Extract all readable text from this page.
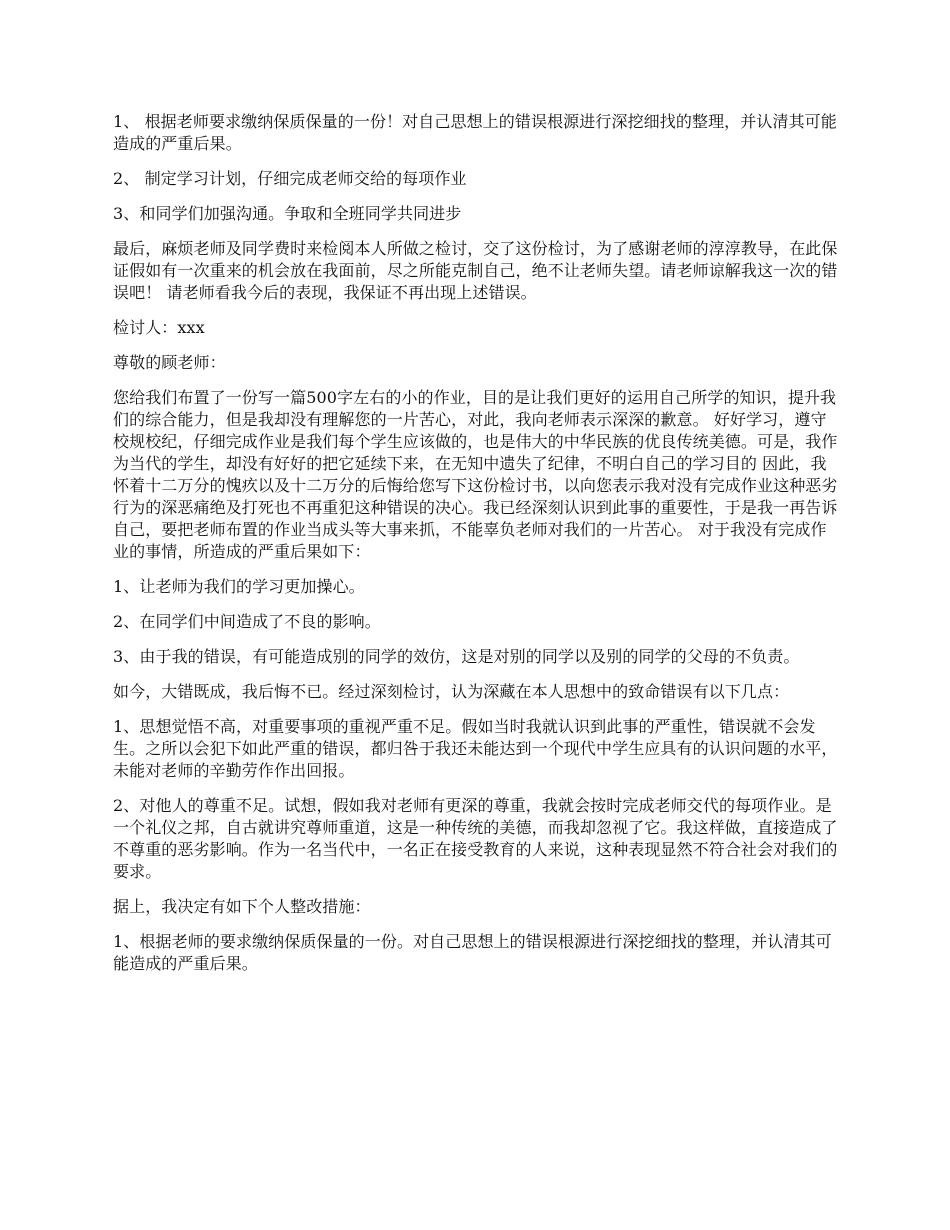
1、 根据老师要求缴纳保质保量的一份！对自己思想上的错误根源进行深挖细找的整理，并认清其可能造成的严重后果。

2、 制定学习计划，仔细完成老师交给的每项作业

3、和同学们加强沟通。争取和全班同学共同进步

最后，麻烦老师及同学费时来检阅本人所做之检讨，交了这份检讨，为了感谢老师的淳淳教导，在此保证假如有一次重来的机会放在我面前，尽之所能克制自己，绝不让老师失望。请老师谅解我这一次的错误吧！ 请老师看我今后的表现，我保证不再出现上述错误。

检讨人：xxx

尊敬的顾老师：

您给我们布置了一份写一篇500字左右的小的作业，目的是让我们更好的运用自己所学的知识，提升我们的综合能力，但是我却没有理解您的一片苦心，对此，我向老师表示深深的歉意。 好好学习，遵守校规校纪，仔细完成作业是我们每个学生应该做的，也是伟大的中华民族的优良传统美德。可是，我作为当代的学生，却没有好好的把它延续下来，在无知中遗失了纪律，不明白自己的学习目的 因此，我怀着十二万分的愧疚以及十二万分的后悔给您写下这份检讨书，以向您表示我对没有完成作业这种恶劣行为的深恶痛绝及打死也不再重犯这种错误的决心。我已经深刻认识到此事的重要性，于是我一再告诉自己，要把老师布置的作业当成头等大事来抓，不能辜负老师对我们的一片苦心。 对于我没有完成作业的事情，所造成的严重后果如下：

1、让老师为我们的学习更加操心。

2、在同学们中间造成了不良的影响。

3、由于我的错误，有可能造成别的同学的效仿，这是对别的同学以及别的同学的父母的不负责。

如今，大错既成，我后悔不已。经过深刻检讨，认为深藏在本人思想中的致命错误有以下几点：

1、思想觉悟不高，对重要事项的重视严重不足。假如当时我就认识到此事的严重性，错误就不会发生。之所以会犯下如此严重的错误，都归咎于我还未能达到一个现代中学生应具有的认识问题的水平，未能对老师的辛勤劳作作出回报。

2、对他人的尊重不足。试想，假如我对老师有更深的尊重，我就会按时完成老师交代的每项作业。是一个礼仪之邦，自古就讲究尊师重道，这是一种传统的美德，而我却忽视了它。我这样做，直接造成了不尊重的恶劣影响。作为一名当代中，一名正在接受教育的人来说，这种表现显然不符合社会对我们的要求。

据上，我决定有如下个人整改措施：

1、根据老师的要求缴纳保质保量的一份。对自己思想上的错误根源进行深挖细找的整理，并认清其可能造成的严重后果。
